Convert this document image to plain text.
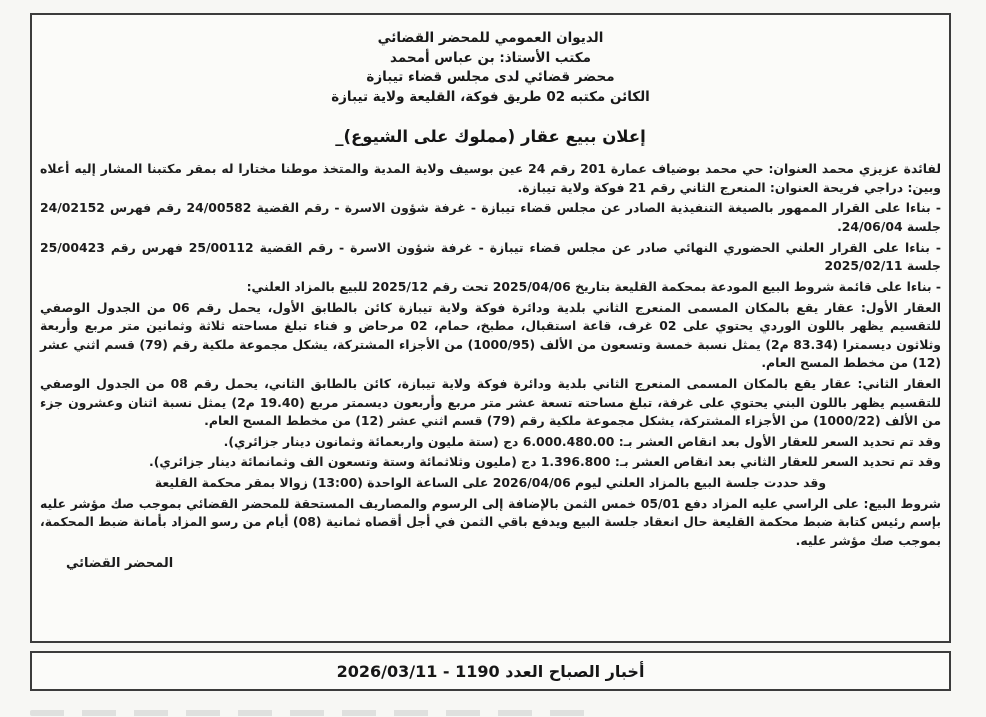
الديوان العمومي للمحضر القضائي
مكتب الأستاذ: بن عباس أمحمد
محضر قضائي لدى مجلس قضاء تيبازة
الكائن مكتبه 02 طريق فوكة، القليعة ولاية تيبازة
إعلان ببيع عقار (مملوك على الشيوع)_

لفائدة عزيزي محمد العنوان: حي محمد بوضياف عمارة 201 رقم 24 عين بوسيف ولاية المدية والمتخذ موطنا مختارا له بمقر مكتبنا المشار إليه أعلاه وبين: دراجي فريحة العنوان: المنعرج الثاني رقم 21 فوكة ولاية تيبازة.

- بناءا على القرار الممهور بالصيغة التنفيذية الصادر عن مجلس قضاء تيبازة - غرفة شؤون الاسرة - رقم القضية 24/00582 رقم فهرس 24/02152 جلسة 24/06/04.

- بناءا على القرار العلني الحضوري النهائي صادر عن مجلس قضاء تيبازة - غرفة شؤون الاسرة - رقم القضية 25/00112 فهرس رقم 25/00423 جلسة 2025/02/11

- بناءا على قائمة شروط البيع المودعة بمحكمة القليعة بتاريخ 2025/04/06 تحت رقم 2025/12 للبيع بالمزاد العلني:

العقار الأول: عقار يقع بالمكان المسمى المنعرج الثاني بلدية ودائرة فوكة ولاية تيبازة كائن بالطابق الأول، يحمل رقم 06 من الجدول الوصفي للتقسيم يظهر باللون الوردي يحتوي على 02 غرف، قاعة استقبال، مطبخ، حمام، 02 مرحاض و فناء تبلغ مساحته ثلاثة وثمانين متر مربع وأربعة وثلاثون ديسمترا (83.34 م2) يمثل نسبة خمسة وتسعون من الألف (1000/95) من الأجزاء المشتركة، يشكل مجموعة ملكية رقم (79) قسم اثني عشر (12) من مخطط المسح العام.

العقار الثاني: عقار يقع بالمكان المسمى المنعرج الثاني بلدية ودائرة فوكة ولاية تيبازة، كائن بالطابق الثاني، يحمل رقم 08 من الجدول الوصفي للتقسيم يظهر باللون البني يحتوي على غرفة، تبلغ مساحته تسعة عشر متر مربع وأربعون ديسمتر مربع (19.40 م2) يمثل نسبة اثنان وعشرون جزء من الألف (1000/22) من الأجزاء المشتركة، يشكل مجموعة ملكية رقم (79) قسم اثني عشر (12) من مخطط المسح العام.

وقد تم تحديد السعر للعقار الأول بعد انقاص العشر بـ: 6.000.480.00 دج (ستة مليون واربعمائة وثمانون دينار جزائري).

وقد تم تحديد السعر للعقار الثاني بعد انقاص العشر بـ: 1.396.800 دج (مليون وثلاثمائة وستة وتسعون الف وثمانمائة دينار جزائري).

وقد حددت جلسة البيع بالمزاد العلني ليوم 2026/04/06 على الساعة الواحدة (13:00) زوالا بمقر محكمة القليعة

شروط البيع: على الراسي عليه المزاد دفع 05/01 خمس الثمن بالإضافة إلى الرسوم والمصاريف المستحقة للمحضر القضائي بموجب صك مؤشر عليه بإسم رئيس كتابة ضبط محكمة القليعة حال انعقاد جلسة البيع ويدفع باقي الثمن في أجل أقصاه ثمانية (08) أيام من رسو المزاد بأمانة ضبط المحكمة، بموجب صك مؤشر عليه.

المحضر القضائي

أخبار الصباح العدد 1190 - 2026/03/11
